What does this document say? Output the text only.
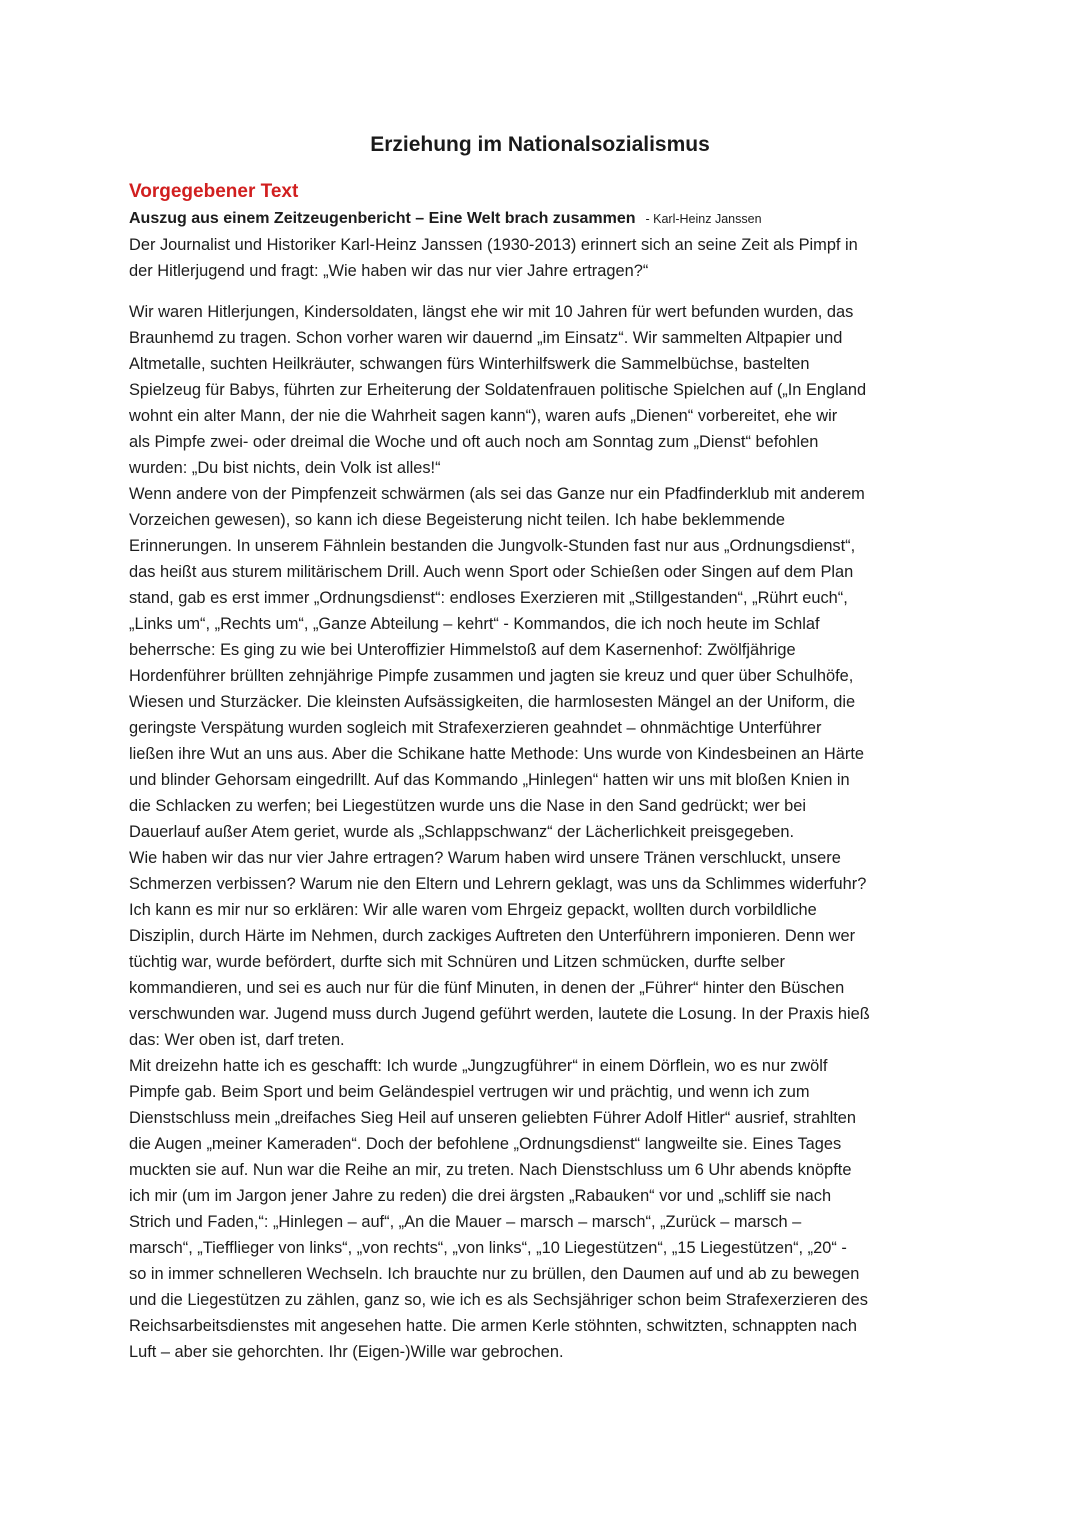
Erziehung im Nationalsozialismus
Vorgegebener Text
Auszug aus einem Zeitzeugenbericht – Eine Welt brach zusammen - Karl-Heinz Janssen
Der Journalist und Historiker Karl-Heinz Janssen (1930-2013) erinnert sich an seine Zeit als Pimpf in
der Hitlerjugend und fragt: „Wie haben wir das nur vier Jahre ertragen?“
Wir waren Hitlerjungen, Kindersoldaten, längst ehe wir mit 10 Jahren für wert befunden wurden, das
Braunhemd zu tragen. Schon vorher waren wir dauernd „im Einsatz“. Wir sammelten Altpapier und
Altmetalle, suchten Heilkräuter, schwangen fürs Winterhilfswerk die Sammelbüchse, bastelten
Spielzeug für Babys, führten zur Erheiterung der Soldatenfrauen politische Spielchen auf („In England
wohnt ein alter Mann, der nie die Wahrheit sagen kann“), waren aufs „Dienen“ vorbereitet, ehe wir
als Pimpfe zwei- oder dreimal die Woche und oft auch noch am Sonntag zum „Dienst“ befohlen
wurden: „Du bist nichts, dein Volk ist alles!“
Wenn andere von der Pimpfenzeit schwärmen (als sei das Ganze nur ein Pfadfinderklub mit anderem
Vorzeichen gewesen), so kann ich diese Begeisterung nicht teilen. Ich habe beklemmende
Erinnerungen. In unserem Fähnlein bestanden die Jungvolk-Stunden fast nur aus „Ordnungsdienst“,
das heißt aus sturem militärischem Drill. Auch wenn Sport oder Schießen oder Singen auf dem Plan
stand, gab es erst immer „Ordnungsdienst“: endloses Exerzieren mit „Stillgestanden“, „Rührt euch“,
„Links um“, „Rechts um“, „Ganze Abteilung – kehrt“ - Kommandos, die ich noch heute im Schlaf
beherrsche: Es ging zu wie bei Unteroffizier Himmelstoß auf dem Kasernenhof: Zwölfjährige
Hordenführer brüllten zehnjährige Pimpfe zusammen und jagten sie kreuz und quer über Schulhöfe,
Wiesen und Sturzäcker. Die kleinsten Aufsässigkeiten, die harmlosesten Mängel an der Uniform, die
geringste Verspätung wurden sogleich mit Strafexerzieren geahndet – ohnmächtige Unterführer
ließen ihre Wut an uns aus. Aber die Schikane hatte Methode: Uns wurde von Kindesbeinen an Härte
und blinder Gehorsam eingedrillt. Auf das Kommando „Hinlegen“ hatten wir uns mit bloßen Knien in
die Schlacken zu werfen; bei Liegestützen wurde uns die Nase in den Sand gedrückt; wer bei
Dauerlauf außer Atem geriet, wurde als „Schlappschwanz“ der Lächerlichkeit preisgegeben.
Wie haben wir das nur vier Jahre ertragen? Warum haben wird unsere Tränen verschluckt, unsere
Schmerzen verbissen? Warum nie den Eltern und Lehrern geklagt, was uns da Schlimmes widerfuhr?
Ich kann es mir nur so erklären: Wir alle waren vom Ehrgeiz gepackt, wollten durch vorbildliche
Disziplin, durch Härte im Nehmen, durch zackiges Auftreten den Unterführern imponieren. Denn wer
tüchtig war, wurde befördert, durfte sich mit Schnüren und Litzen schmücken, durfte selber
kommandieren, und sei es auch nur für die fünf Minuten, in denen der „Führer“ hinter den Büschen
verschwunden war. Jugend muss durch Jugend geführt werden, lautete die Losung. In der Praxis hieß
das: Wer oben ist, darf treten.
Mit dreizehn hatte ich es geschafft: Ich wurde „Jungzugführer“ in einem Dörflein, wo es nur zwölf
Pimpfe gab. Beim Sport und beim Geländespiel vertrugen wir und prächtig, und wenn ich zum
Dienstschluss mein „dreifaches Sieg Heil auf unseren geliebten Führer Adolf Hitler“ ausrief, strahlten
die Augen „meiner Kameraden“. Doch der befohlene „Ordnungsdienst“ langweilte sie. Eines Tages
muckten sie auf. Nun war die Reihe an mir, zu treten. Nach Dienstschluss um 6 Uhr abends knöpfte
ich mir (um im Jargon jener Jahre zu reden) die drei ärgsten „Rabauken“ vor und „schliff sie nach
Strich und Faden,“: „Hinlegen – auf“, „An die Mauer – marsch – marsch“, „Zurück – marsch –
marsch“, „Tiefflieger von links“, „von rechts“, „von links“, „10 Liegestützen“, „15 Liegestützen“, „20“ -
so in immer schnelleren Wechseln. Ich brauchte nur zu brüllen, den Daumen auf und ab zu bewegen
und die Liegestützen zu zählen, ganz so, wie ich es als Sechsjähriger schon beim Strafexerzieren des
Reichsarbeitsdienstes mit angesehen hatte. Die armen Kerle stöhnten, schwitzten, schnappten nach
Luft – aber sie gehorchten. Ihr (Eigen-)Wille war gebrochen.
